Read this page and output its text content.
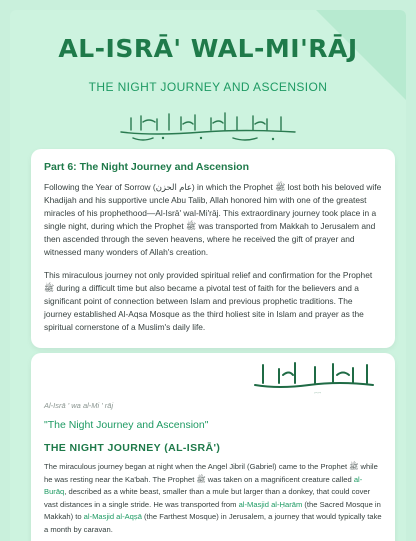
AL-ISRĀ' WAL-MI'RĀJ
THE NIGHT JOURNEY AND ASCENSION
Part 6: The Night Journey and Ascension

Following the Year of Sorrow (عام الحزن) in which the Prophet ﷺ lost both his beloved wife Khadijah and his supportive uncle Abu Talib, Allah honored him with one of the greatest miracles of his prophethood—Al-Isrā' wal-Mi'rāj. This extraordinary journey took place in a single night, during which the Prophet ﷺ was transported from Makkah to Jerusalem and then ascended through the seven heavens, where he received the gift of prayer and witnessed many wonders of Allah's creation.

This miraculous journey not only provided spiritual relief and confirmation for the Prophet ﷺ during a difficult time but also became a pivotal test of faith for the believers and a significant point of connection between Islam and previous prophetic traditions. The journey established Al-Aqsa Mosque as the third holiest site in Islam and prayer as the spiritual cornerstone of a Muslim's daily life.

الإسراء والمعراج
Al-Isrā ' wa al-Mi ' rāj
"The Night Journey and Ascension"
THE NIGHT JOURNEY (AL-ISRĀ')
The miraculous journey began at night when the Angel Jibril (Gabriel) came to the Prophet ﷺ while he was resting near the Ka'bah. The Prophet ﷺ was taken on a magnificent creature called al-Burāq, described as a white beast, smaller than a mule but larger than a donkey, that could cover vast distances in a single stride. He was transported from al-Masjid al-Ḥarām (the Sacred Mosque in Makkah) to al-Masjid al-Aqṣā (the Farthest Mosque) in Jerusalem, a journey that would typically take a month by caravan.
